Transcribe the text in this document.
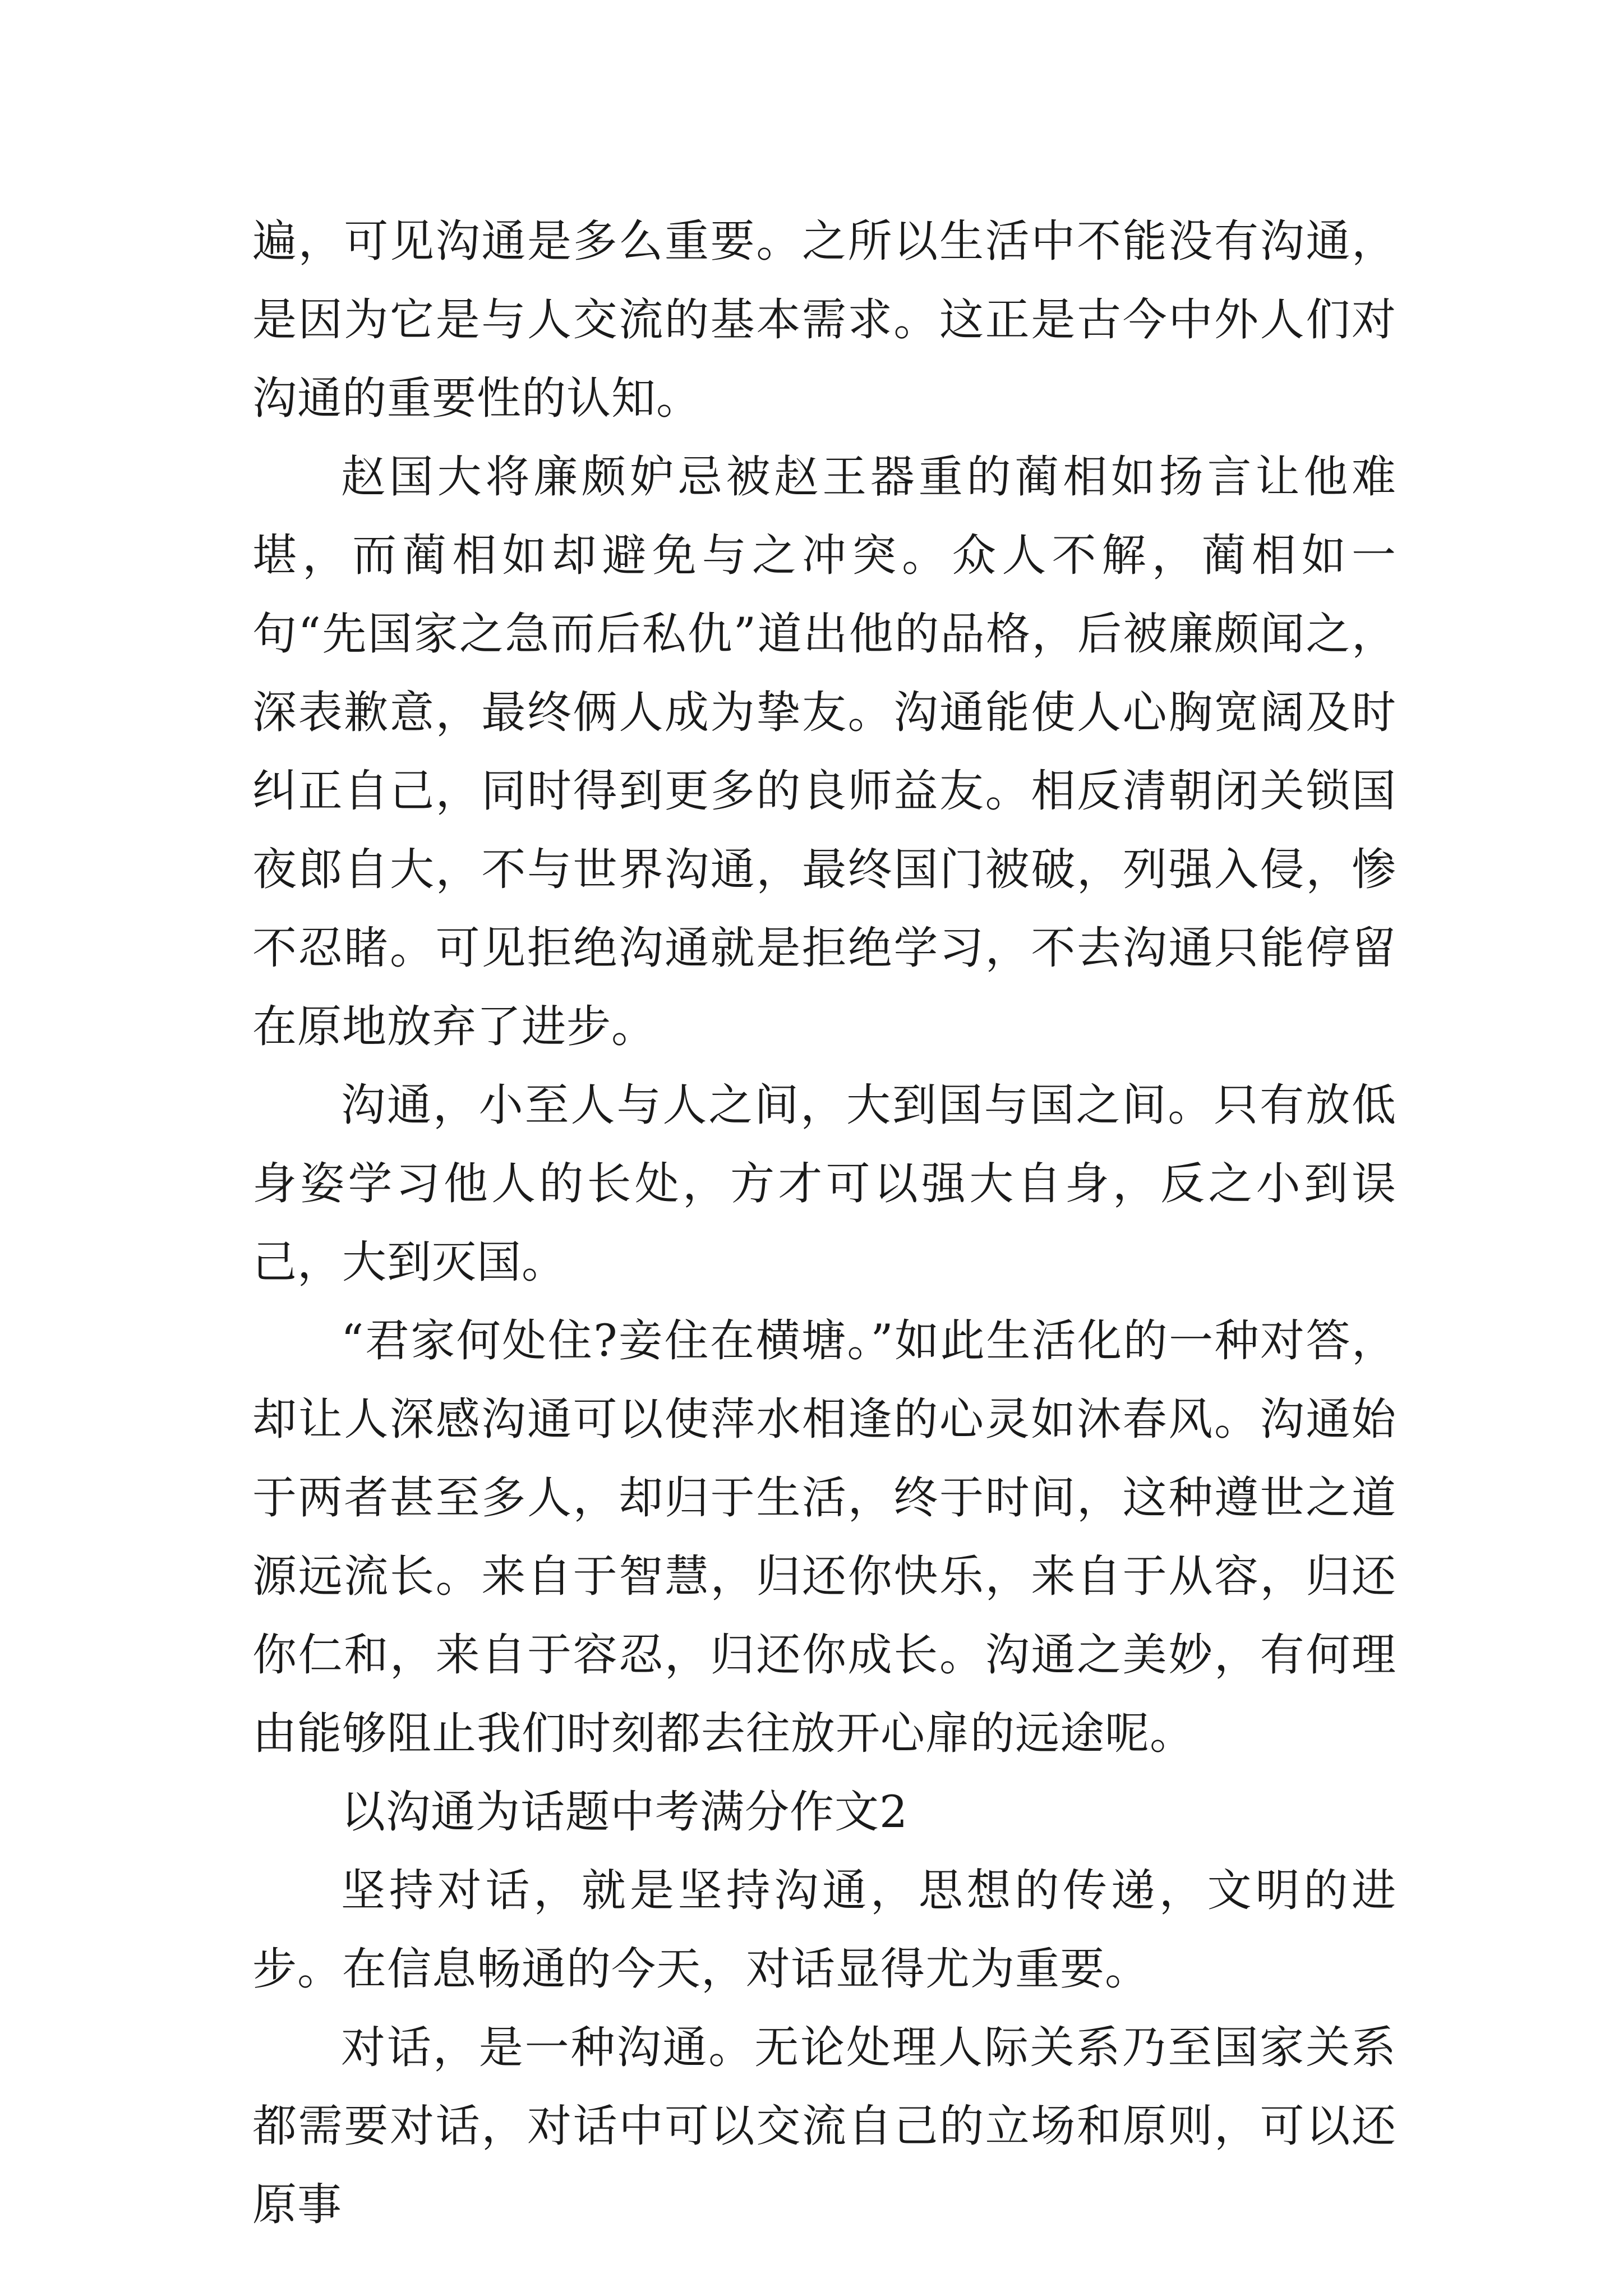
遍，可见沟通是多么重要。之所以生活中不能没有沟通，是因为它是与人交流的基本需求。这正是古今中外人们对沟通的重要性的认知。

赵国大将廉颇妒忌被赵王器重的蔺相如扬言让他难堪，而蔺相如却避免与之冲突。众人不解，蔺相如一句“先国家之急而后私仇”道出他的品格，后被廉颇闻之，深表歉意，最终俩人成为挚友。沟通能使人心胸宽阔及时纠正自己，同时得到更多的良师益友。相反清朝闭关锁国夜郎自大，不与世界沟通，最终国门被破，列强入侵，惨不忍睹。可见拒绝沟通就是拒绝学习，不去沟通只能停留在原地放弃了进步。

沟通，小至人与人之间，大到国与国之间。只有放低身姿学习他人的长处，方才可以强大自身，反之小到误己，大到灭国。

“君家何处住?妾住在横塘。”如此生活化的一种对答，却让人深感沟通可以使萍水相逢的心灵如沐春风。沟通始于两者甚至多人，却归于生活，终于时间，这种遵世之道源远流长。来自于智慧，归还你快乐，来自于从容，归还你仁和，来自于容忍，归还你成长。沟通之美妙，有何理由能够阻止我们时刻都去往放开心扉的远途呢。

以沟通为话题中考满分作文2

坚持对话，就是坚持沟通，思想的传递，文明的进步。在信息畅通的今天，对话显得尤为重要。

对话，是一种沟通。无论处理人际关系乃至国家关系都需要对话，对话中可以交流自己的立场和原则，可以还原事
